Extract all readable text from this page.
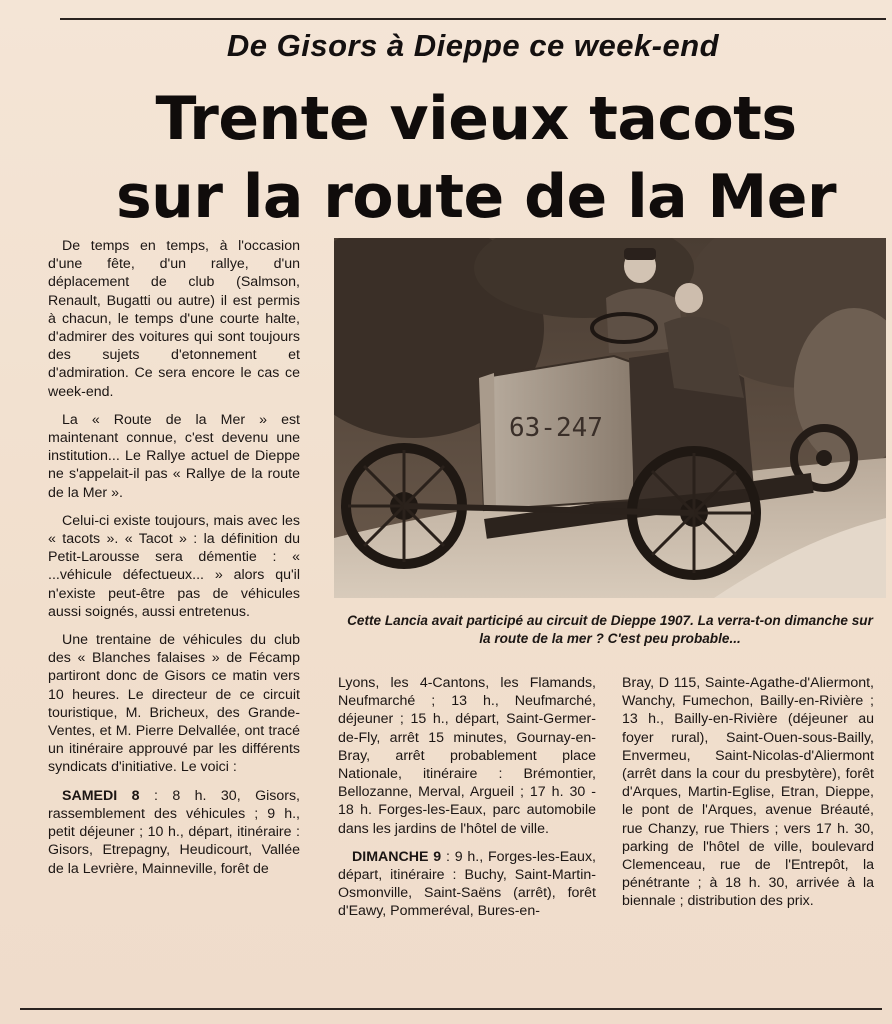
De Gisors à Dieppe ce week-end
Trente vieux tacots
sur la route de la Mer

De temps en temps, à l'occasion d'une fête, d'un rallye, d'un déplacement de club (Salmson, Renault, Bugatti ou autre) il est permis à chacun, le temps d'une courte halte, d'admirer des voitures qui sont toujours des sujets d'etonnement et d'admiration. Ce sera encore le cas ce week-end.

La « Route de la Mer » est maintenant connue, c'est devenu une institution... Le Rallye actuel de Dieppe ne s'appelait-il pas « Rallye de la route de la Mer ».

Celui-ci existe toujours, mais avec les « tacots ». « Tacot » : la définition du Petit-Larousse sera démentie : « ...véhicule défectueux... » alors qu'il n'existe peut-être pas de véhicules aussi soignés, aussi entretenus.

Une trentaine de véhicules du club des « Blanches falaises » de Fécamp partiront donc de Gisors ce matin vers 10 heures. Le directeur de ce circuit touristique, M. Bricheux, des Grande-Ventes, et M. Pierre Delvallée, ont tracé un itinéraire approuvé par les différents syndicats d'initiative. Le voici :

SAMEDI 8 : 8 h. 30, Gisors, rassemblement des véhicules ; 9 h., petit déjeuner ; 10 h., départ, itinéraire : Gisors, Etrepagny, Heudicourt, Vallée de la Levrière, Mainneville, forêt de

63-247
Cette Lancia avait participé au circuit de Dieppe 1907. La verra-t-on dimanche sur la route de la mer ? C'est peu probable...

Lyons, les 4-Cantons, les Flamands, Neufmarché ; 13 h., Neufmarché, déjeuner ; 15 h., départ, Saint-Germer-de-Fly, arrêt 15 minutes, Gournay-en-Bray, arrêt probablement place Nationale, itinéraire : Brémontier, Bellozanne, Merval, Argueil ; 17 h. 30 - 18 h. Forges-les-Eaux, parc automobile dans les jardins de l'hôtel de ville.

DIMANCHE 9 : 9 h., Forges-les-Eaux, départ, itinéraire : Buchy, Saint-Martin-Osmonville, Saint-Saëns (arrêt), forêt d'Eawy, Pommeréval, Bures-en-

Bray, D 115, Sainte-Agathe-d'Aliermont, Wanchy, Fumechon, Bailly-en-Rivière ; 13 h., Bailly-en-Rivière (déjeuner au foyer rural), Saint-Ouen-sous-Bailly, Envermeu, Saint-Nicolas-d'Aliermont (arrêt dans la cour du presbytère), forêt d'Arques, Martin-Eglise, Etran, Dieppe, le pont de l'Arques, avenue Bréauté, rue Chanzy, rue Thiers ; vers 17 h. 30, parking de l'hôtel de ville, boulevard Clemenceau, rue de l'Entrepôt, la pénétrante ; à 18 h. 30, arrivée à la biennale ; distribution des prix.
